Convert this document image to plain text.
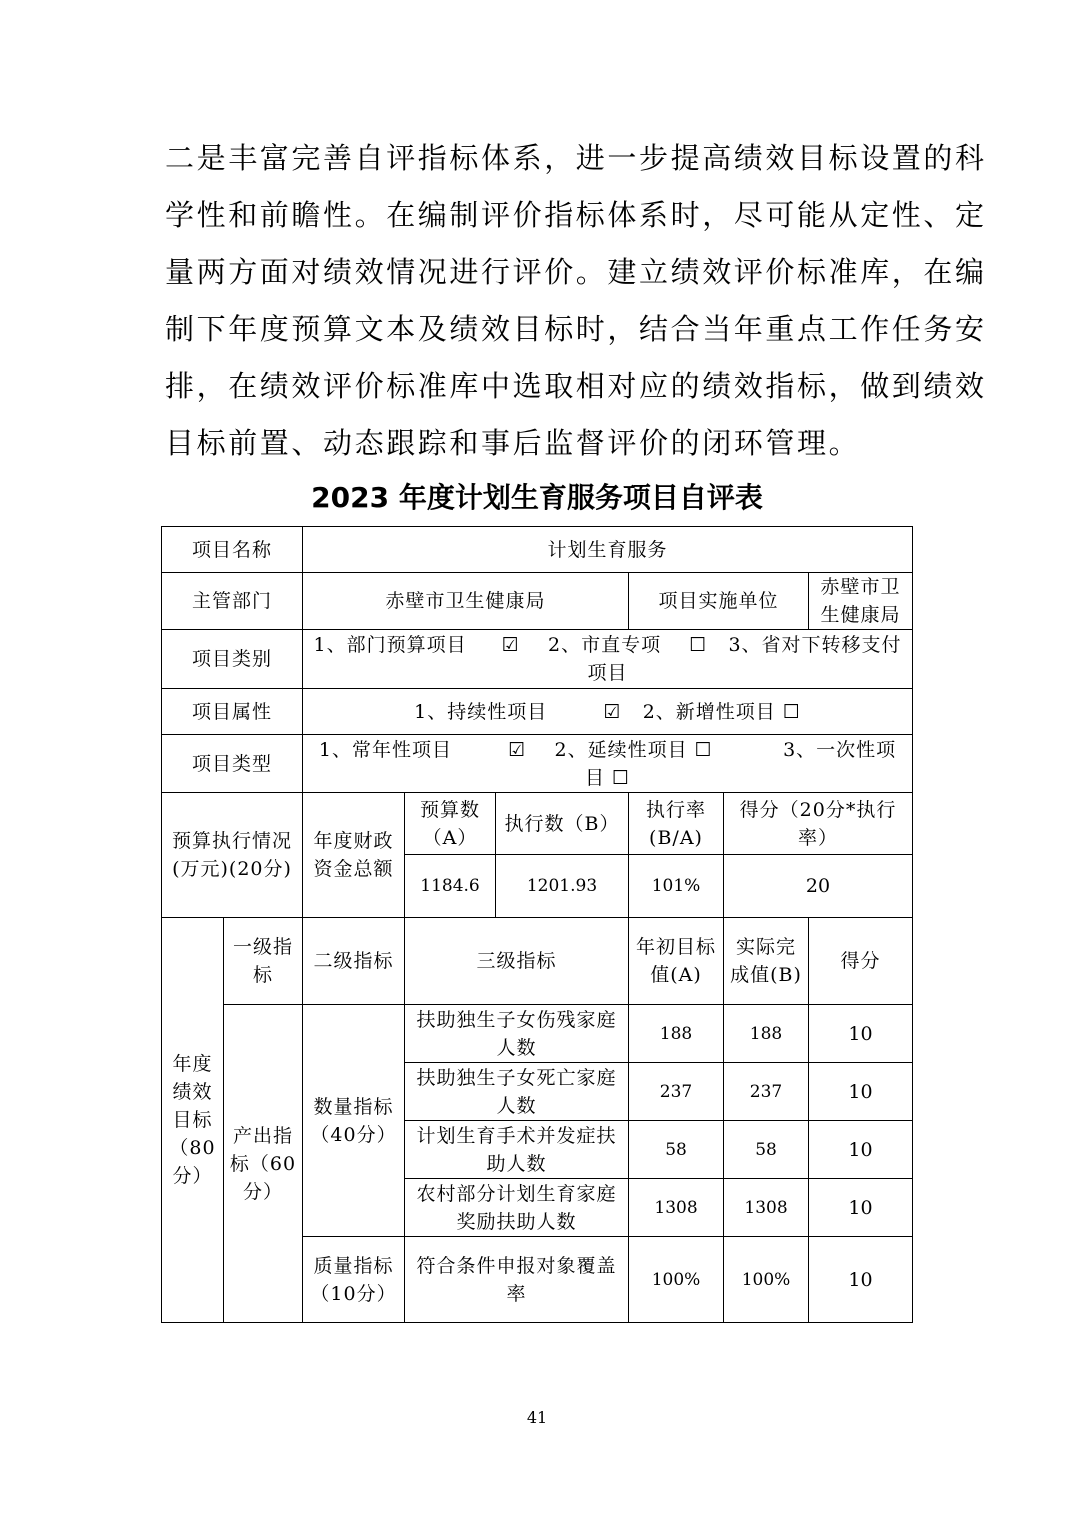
二是丰富完善自评指标体系，进一步提高绩效目标设置的科
学性和前瞻性。在编制评价指标体系时，尽可能从定性、定
量两方面对绩效情况进行评价。建立绩效评价标准库，在编
制下年度预算文本及绩效目标时，结合当年重点工作任务安
排，在绩效评价标准库中选取相对应的绩效指标，做到绩效
目标前置、动态跟踪和事后监督评价的闭环管理。
2023 年度计划生育服务项目自评表
项目名称		计划生育服务					
主管部门		赤壁市卫生健康局			项目实施单位		赤壁市卫生健康局
项目类别		1、部门预算项目 ☑ 2、市直专项 ☐ 3、省对下转移支付项目					
项目属性		1、持续性项目 ☑ 2、新增性项目 ☐					
项目类型		1、常年性项目 ☑ 2、延续性项目 ☐ 3、一次性项目 ☐					
预算执行情况(万元)(20分)		年度财政资金总额	预算数（A）	执行数（B）	执行率(B/A)	得分（20分*执行率）	
			1184.6	1201.93	101%	20	
年度绩效目标（80分）	一级指标	二级指标	三级指标		年初目标值(A)	实际完成值(B)	得分
	产出指标（60分）	数量指标（40分）	扶助独生子女伤残家庭人数		188	188	10
			扶助独生子女死亡家庭人数		237	237	10
			计划生育手术并发症扶助人数		58	58	10
			农村部分计划生育家庭奖励扶助人数		1308	1308	10
		质量指标（10分）	符合条件申报对象覆盖率		100%	100%	10

41
